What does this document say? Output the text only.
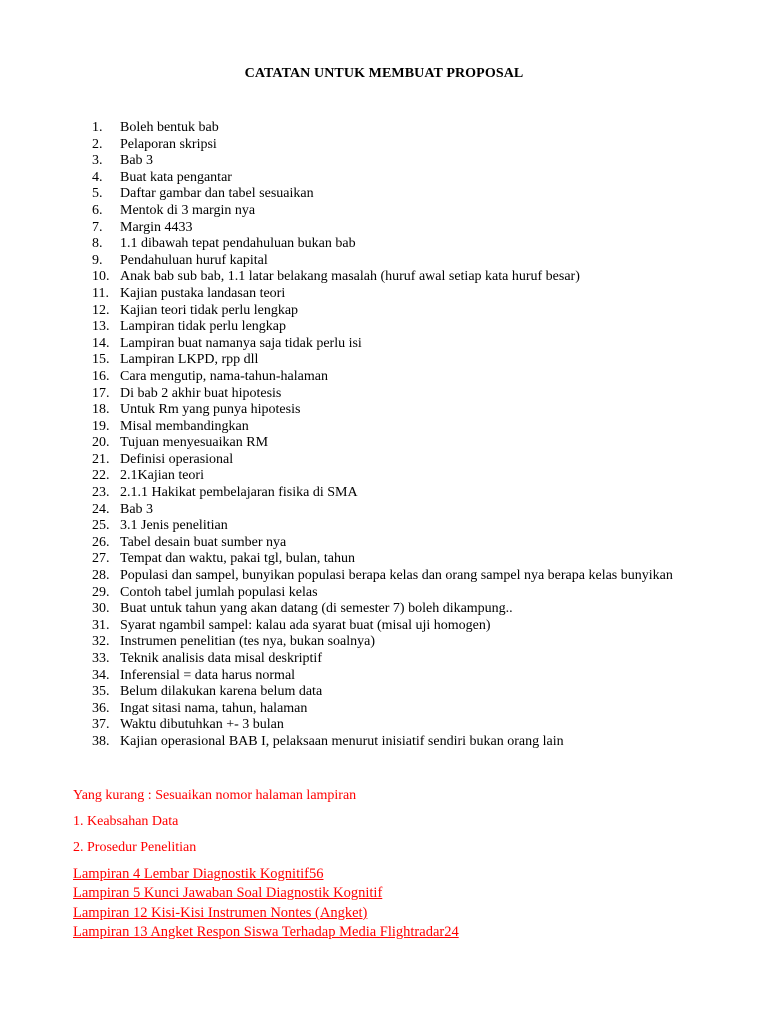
CATATAN UNTUK MEMBUAT PROPOSAL
1.	Boleh bentuk bab
2.	Pelaporan skripsi
3.	Bab 3
4.	Buat kata pengantar
5.	Daftar gambar dan tabel sesuaikan
6.	Mentok di 3 margin nya
7.	Margin 4433
8.	1.1 dibawah tepat pendahuluan bukan bab
9.	Pendahuluan huruf kapital
10. Anak bab sub bab, 1.1 latar belakang masalah (huruf awal setiap kata huruf besar)
11. Kajian pustaka landasan teori
12. Kajian teori tidak perlu lengkap
13. Lampiran tidak perlu lengkap
14. Lampiran buat namanya saja tidak perlu isi
15. Lampiran LKPD, rpp dll
16. Cara mengutip, nama-tahun-halaman
17. Di bab 2 akhir buat hipotesis
18. Untuk Rm yang punya hipotesis
19. Misal membandingkan
20. Tujuan menyesuaikan RM
21. Definisi operasional
22. 2.1Kajian teori
23. 2.1.1 Hakikat pembelajaran fisika di SMA
24. Bab 3
25. 3.1 Jenis penelitian
26. Tabel desain buat sumber nya
27. Tempat dan waktu, pakai tgl, bulan, tahun
28. Populasi dan sampel, bunyikan populasi berapa kelas dan orang sampel nya berapa kelas bunyikan
29. Contoh tabel jumlah populasi kelas
30. Buat untuk tahun yang akan datang (di semester 7) boleh dikampung..
31. Syarat ngambil sampel: kalau ada syarat buat (misal uji homogen)
32. Instrumen penelitian (tes nya, bukan soalnya)
33. Teknik analisis data misal deskriptif
34. Inferensial = data harus normal
35. Belum dilakukan karena belum data
36. Ingat sitasi nama, tahun, halaman
37. Waktu dibutuhkan +- 3 bulan
38. Kajian operasional BAB I, pelaksaan menurut inisiatif sendiri bukan orang lain
Yang kurang : Sesuaikan nomor halaman lampiran
1. Keabsahan Data
2. Prosedur Penelitian
Lampiran 4 Lembar Diagnostik Kognitif56
Lampiran 5 Kunci Jawaban Soal Diagnostik Kognitif
Lampiran 12 Kisi-Kisi Instrumen Nontes (Angket)
Lampiran 13 Angket Respon Siswa Terhadap Media Flightradar24
